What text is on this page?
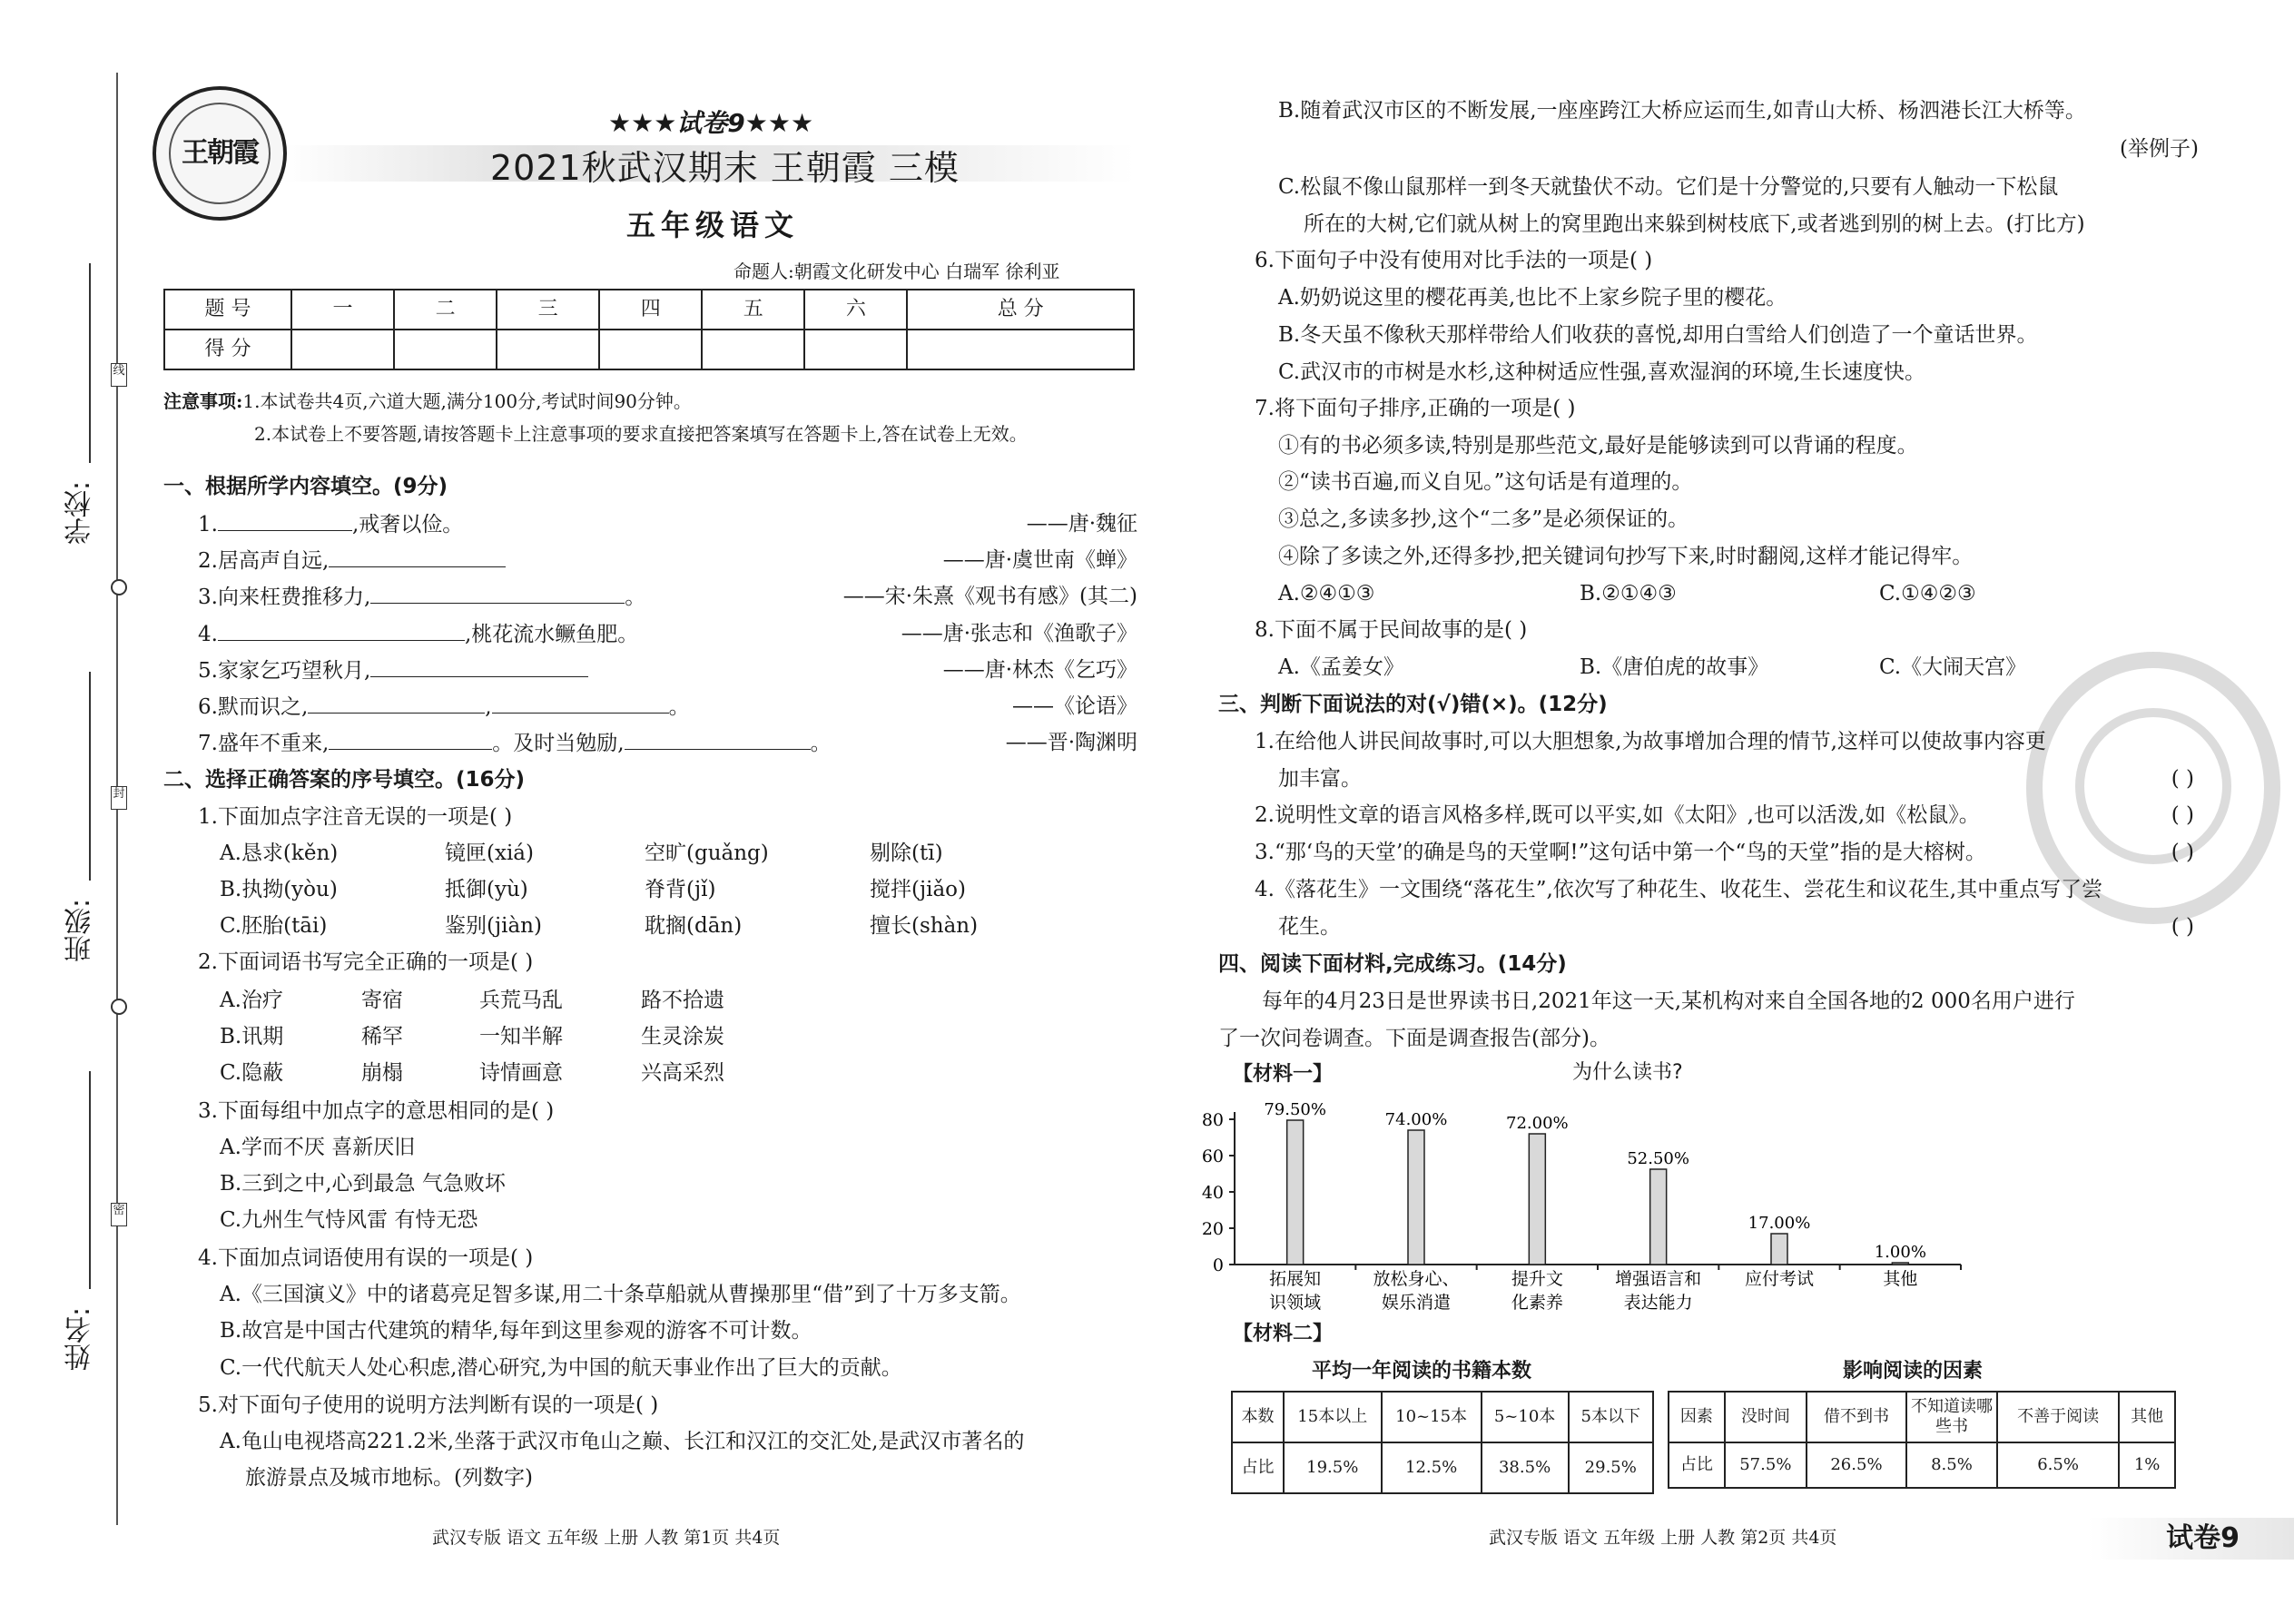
学校:
线
班级:
封
姓名:
密
王朝霞
★★★试卷9★★★
2021秋武汉期末 王朝霞 三模
五年级语文
命题人:朝霞文化研发中心 白瑞军 徐利亚
题 号	一	二	三	四	五	六	总 分
得 分							
注意事项:1.本试卷共4页,六道大题,满分100分,考试时间90分钟。
2.本试卷上不要答题,请按答题卡上注意事项的要求直接把答案填写在答题卡上,答在试卷上无效。
一、根据所学内容填空。(9分)
1.	,戒奢以俭。	——唐·魏征
2.居高声自远,	——唐·虞世南《蝉》
3.向来枉费推移力,	。	——宋·朱熹《观书有感》(其二)
4.	,桃花流水鳜鱼肥。	——唐·张志和《渔歌子》
5.家家乞巧望秋月,	——唐·林杰《乞巧》
6.默而识之,	,	。	——《论语》
7.盛年不重来,	。及时当勉励,	。	——晋·陶渊明
二、选择正确答案的序号填空。(16分)
1.下面加点字注音无误的一项是( )
A.恳求(kěn)	镜匣(xiá)	空旷(guǎng)	剔除(tī)
B.执拗(yòu)	抵御(yù)	脊背(jǐ)	搅拌(jiǎo)
C.胚胎(tāi)	鉴别(jiàn)	耽搁(dān)	擅长(shàn)
2.下面词语书写完全正确的一项是( )
A.治疗	寄宿	兵荒马乱	路不拾遗
B.讯期	稀罕	一知半解	生灵涂炭
C.隐蔽	崩榻	诗情画意	兴高采烈
3.下面每组中加点字的意思相同的是( )
A.学而不厌 喜新厌旧
B.三到之中,心到最急 气急败坏
C.九州生气恃风雷 有恃无恐
4.下面加点词语使用有误的一项是( )
A.《三国演义》中的诸葛亮足智多谋,用二十条草船就从曹操那里“借”到了十万多支箭。
B.故宫是中国古代建筑的精华,每年到这里参观的游客不可计数。
C.一代代航天人处心积虑,潜心研究,为中国的航天事业作出了巨大的贡献。
5.对下面句子使用的说明方法判断有误的一项是( )
A.龟山电视塔高221.2米,坐落于武汉市龟山之巅、长江和汉江的交汇处,是武汉市著名的
旅游景点及城市地标。(列数字)
武汉专版 语文 五年级 上册 人教 第1页 共4页
B.随着武汉市区的不断发展,一座座跨江大桥应运而生,如青山大桥、杨泗港长江大桥等。
(举例子)
C.松鼠不像山鼠那样一到冬天就蛰伏不动。它们是十分警觉的,只要有人触动一下松鼠
所在的大树,它们就从树上的窝里跑出来躲到树枝底下,或者逃到别的树上去。(打比方)
6.下面句子中没有使用对比手法的一项是( )
A.奶奶说这里的樱花再美,也比不上家乡院子里的樱花。
B.冬天虽不像秋天那样带给人们收获的喜悦,却用白雪给人们创造了一个童话世界。
C.武汉市的市树是水杉,这种树适应性强,喜欢湿润的环境,生长速度快。
7.将下面句子排序,正确的一项是( )
①有的书必须多读,特别是那些范文,最好是能够读到可以背诵的程度。
②“读书百遍,而义自见。”这句话是有道理的。
③总之,多读多抄,这个“二多”是必须保证的。
④除了多读之外,还得多抄,把关键词句抄写下来,时时翻阅,这样才能记得牢。
A.②④①③	B.②①④③	C.①④②③
8.下面不属于民间故事的是( )
A.《孟姜女》	B.《唐伯虎的故事》	C.《大闹天宫》
三、判断下面说法的对(√)错(×)。(12分)
1.在给他人讲民间故事时,可以大胆想象,为故事增加合理的情节,这样可以使故事内容更
加丰富。	( )
2.说明性文章的语言风格多样,既可以平实,如《太阳》,也可以活泼,如《松鼠》。	( )
3.“那‘鸟的天堂’的确是鸟的天堂啊!”这句话中第一个“鸟的天堂”指的是大榕树。	( )
4.《落花生》一文围绕“落花生”,依次写了种花生、收花生、尝花生和议花生,其中重点写了尝
花生。	( )
四、阅读下面材料,完成练习。(14分)
每年的4月23日是世界读书日,2021年这一天,某机构对来自全国各地的2 000名用户进行
了一次问卷调查。下面是调查报告(部分)。
【材料一】	为什么读书?
0
20
40
60
80
79.50%
拓展知
识领域
74.00%
放松身心、
娱乐消遣
72.00%
提升文
化素养
52.50%
增强语言和
表达能力
17.00%
应付考试
1.00%
其他
【材料二】
平均一年阅读的书籍本数
本数	15本以上	10~15本	5~10本	5本以下
占比	19.5%	12.5%	38.5%	29.5%
影响阅读的因素
因素	没时间	借不到书	不知道读哪些书	不善于阅读	其他
占比	57.5%	26.5%	8.5%	6.5%	1%
武汉专版 语文 五年级 上册 人教 第2页 共4页	试卷9
